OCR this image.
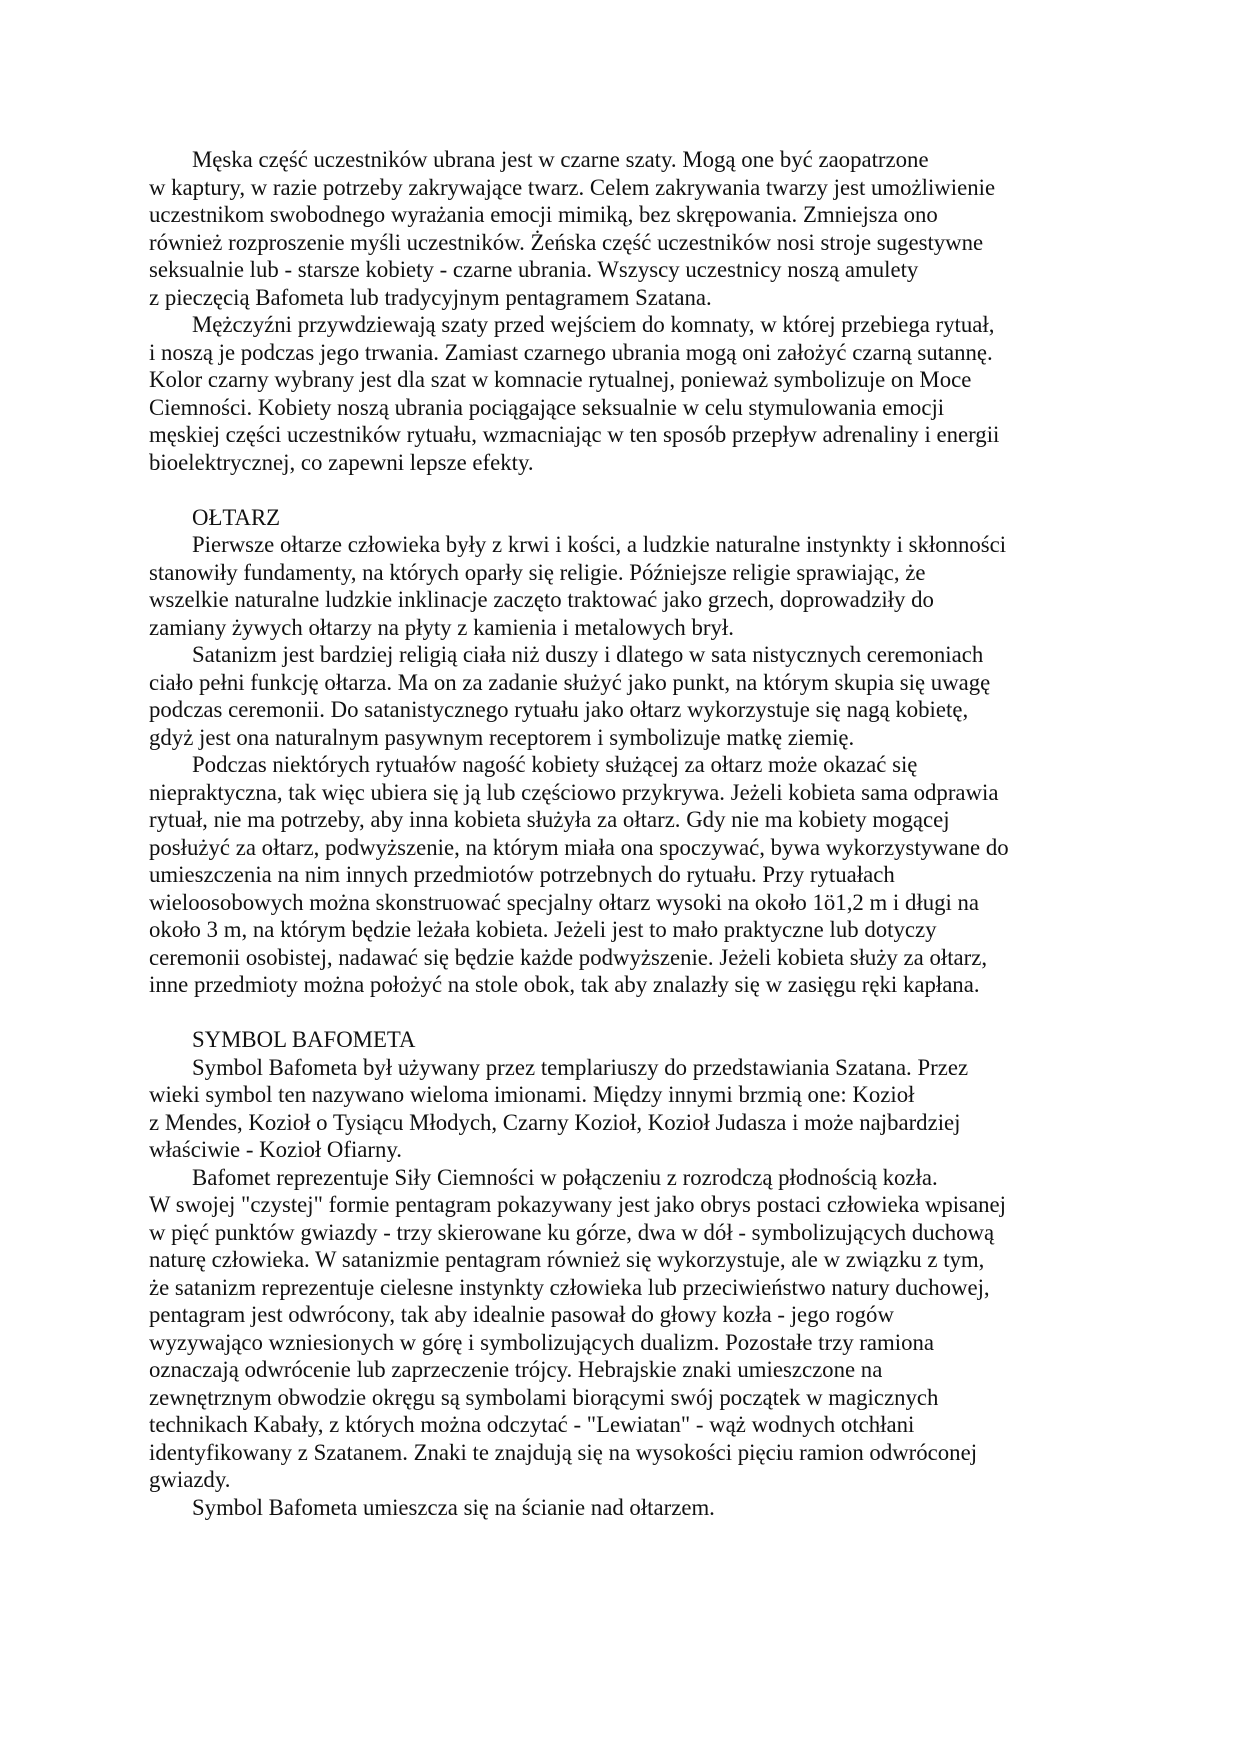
Męska część uczestników ubrana jest w czarne szaty. Mogą one być zaopatrzone
w kaptury, w razie potrzeby zakrywające twarz. Celem zakrywania twarzy jest umożliwienie
uczestnikom swobodnego wyrażania emocji mimiką, bez skrępowania. Zmniejsza ono
również rozproszenie myśli uczestników. Żeńska część uczestników nosi stroje sugestywne
seksualnie lub - starsze kobiety - czarne ubrania. Wszyscy uczestnicy noszą amulety
z pieczęcią Bafometa lub tradycyjnym pentagramem Szatana.
Mężczyźni przywdziewają szaty przed wejściem do komnaty, w której przebiega rytuał,
i noszą je podczas jego trwania. Zamiast czarnego ubrania mogą oni założyć czarną sutannę.
Kolor czarny wybrany jest dla szat w komnacie rytualnej, ponieważ symbolizuje on Moce
Ciemności. Kobiety noszą ubrania pociągające seksualnie w celu stymulowania emocji
męskiej części uczestników rytuału, wzmacniając w ten sposób przepływ adrenaliny i energii
bioelektrycznej, co zapewni lepsze efekty.
OŁTARZ
Pierwsze ołtarze człowieka były z krwi i kości, a ludzkie naturalne instynkty i skłonności
stanowiły fundamenty, na których oparły się religie. Późniejsze religie sprawiając, że
wszelkie naturalne ludzkie inklinacje zaczęto traktować jako grzech, doprowadziły do
zamiany żywych ołtarzy na płyty z kamienia i metalowych brył.
Satanizm jest bardziej religią ciała niż duszy i dlatego w sata nistycznych ceremoniach
ciało pełni funkcję ołtarza. Ma on za zadanie służyć jako punkt, na którym skupia się uwagę
podczas ceremonii. Do satanistycznego rytuału jako ołtarz wykorzystuje się nagą kobietę,
gdyż jest ona naturalnym pasywnym receptorem i symbolizuje matkę ziemię.
Podczas niektórych rytuałów nagość kobiety służącej za ołtarz może okazać się
niepraktyczna, tak więc ubiera się ją lub częściowo przykrywa. Jeżeli kobieta sama odprawia
rytuał, nie ma potrzeby, aby inna kobieta służyła za ołtarz. Gdy nie ma kobiety mogącej
posłużyć za ołtarz, podwyższenie, na którym miała ona spoczywać, bywa wykorzystywane do
umieszczenia na nim innych przedmiotów potrzebnych do rytuału. Przy rytuałach
wieloosobowych można skonstruować specjalny ołtarz wysoki na około 1ö1,2 m i długi na
około 3 m, na którym będzie leżała kobieta. Jeżeli jest to mało praktyczne lub dotyczy
ceremonii osobistej, nadawać się będzie każde podwyższenie. Jeżeli kobieta służy za ołtarz,
inne przedmioty można położyć na stole obok, tak aby znalazły się w zasięgu ręki kapłana.
SYMBOL BAFOMETA
Symbol Bafometa był używany przez templariuszy do przedstawiania Szatana. Przez
wieki symbol ten nazywano wieloma imionami. Między innymi brzmią one: Kozioł
z Mendes, Kozioł o Tysiącu Młodych, Czarny Kozioł, Kozioł Judasza i może najbardziej
właściwie - Kozioł Ofiarny.
Bafomet reprezentuje Siły Ciemności w połączeniu z rozrodczą płodnością kozła.
W swojej "czystej" formie pentagram pokazywany jest jako obrys postaci człowieka wpisanej
w pięć punktów gwiazdy - trzy skierowane ku górze, dwa w dół - symbolizujących duchową
naturę człowieka. W satanizmie pentagram również się wykorzystuje, ale w związku z tym,
że satanizm reprezentuje cielesne instynkty człowieka lub przeciwieństwo natury duchowej,
pentagram jest odwrócony, tak aby idealnie pasował do głowy kozła - jego rogów
wyzywająco wzniesionych w górę i symbolizujących dualizm. Pozostałe trzy ramiona
oznaczają odwrócenie lub zaprzeczenie trójcy. Hebrajskie znaki umieszczone na
zewnętrznym obwodzie okręgu są symbolami biorącymi swój początek w magicznych
technikach Kabały, z których można odczytać - "Lewiatan" - wąż wodnych otchłani
identyfikowany z Szatanem. Znaki te znajdują się na wysokości pięciu ramion odwróconej
gwiazdy.
Symbol Bafometa umieszcza się na ścianie nad ołtarzem.
